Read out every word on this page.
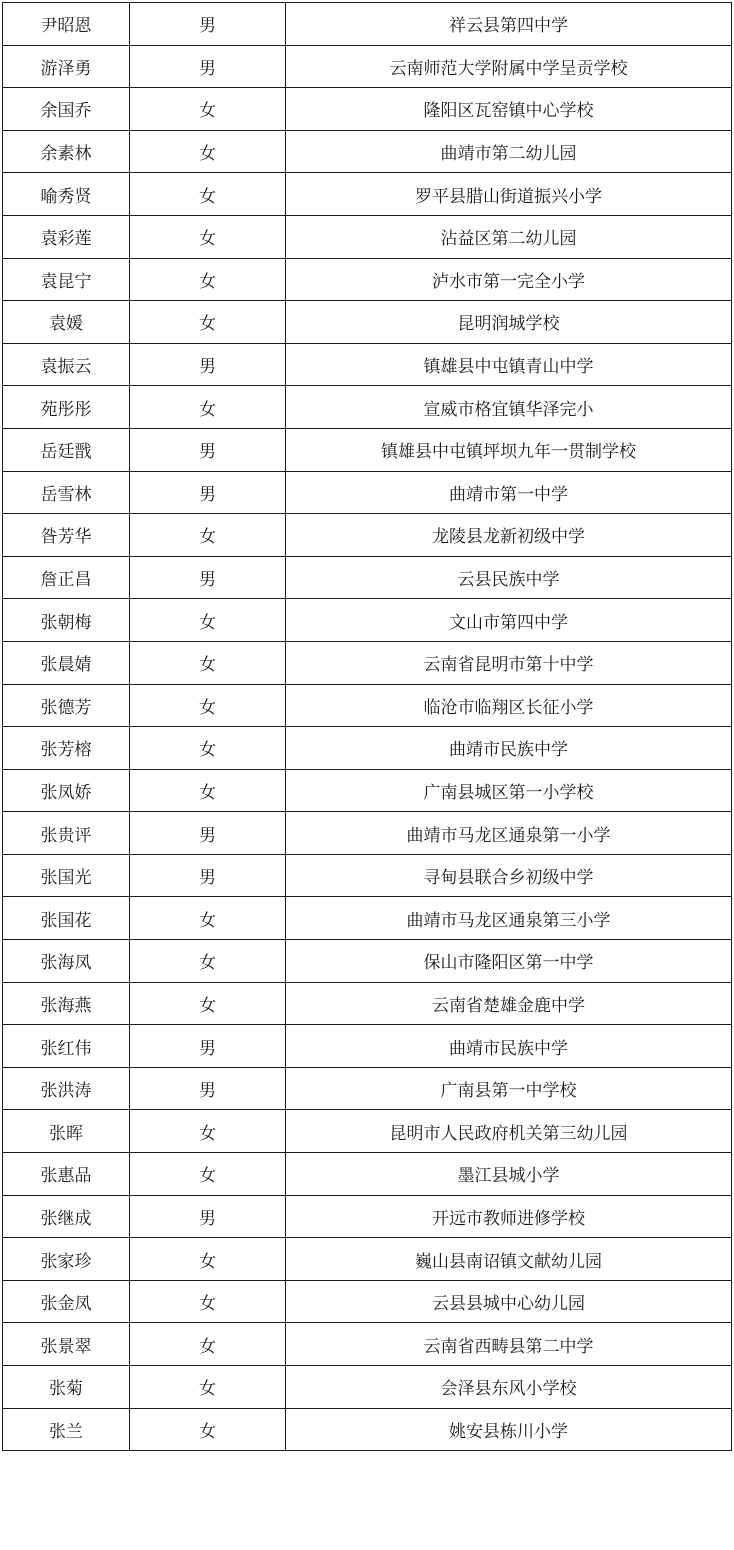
尹昭恩	男	祥云县第四中学
游泽勇	男	云南师范大学附属中学呈贡学校
余国乔	女	隆阳区瓦窑镇中心学校
余素林	女	曲靖市第二幼儿园
喻秀贤	女	罗平县腊山街道振兴小学
袁彩莲	女	沾益区第二幼儿园
袁昆宁	女	泸水市第一完全小学
袁媛	女	昆明润城学校
袁振云	男	镇雄县中屯镇青山中学
苑彤彤	女	宣威市格宜镇华泽完小
岳廷戬	男	镇雄县中屯镇坪坝九年一贯制学校
岳雪林	男	曲靖市第一中学
昝芳华	女	龙陵县龙新初级中学
詹正昌	男	云县民族中学
张朝梅	女	文山市第四中学
张晨婧	女	云南省昆明市第十中学
张德芳	女	临沧市临翔区长征小学
张芳榕	女	曲靖市民族中学
张凤娇	女	广南县城区第一小学校
张贵评	男	曲靖市马龙区通泉第一小学
张国光	男	寻甸县联合乡初级中学
张国花	女	曲靖市马龙区通泉第三小学
张海凤	女	保山市隆阳区第一中学
张海燕	女	云南省楚雄金鹿中学
张红伟	男	曲靖市民族中学
张洪涛	男	广南县第一中学校
张晖	女	昆明市人民政府机关第三幼儿园
张惠品	女	墨江县城小学
张继成	男	开远市教师进修学校
张家珍	女	巍山县南诏镇文献幼儿园
张金凤	女	云县县城中心幼儿园
张景翠	女	云南省西畴县第二中学
张菊	女	会泽县东风小学校
张兰	女	姚安县栋川小学
